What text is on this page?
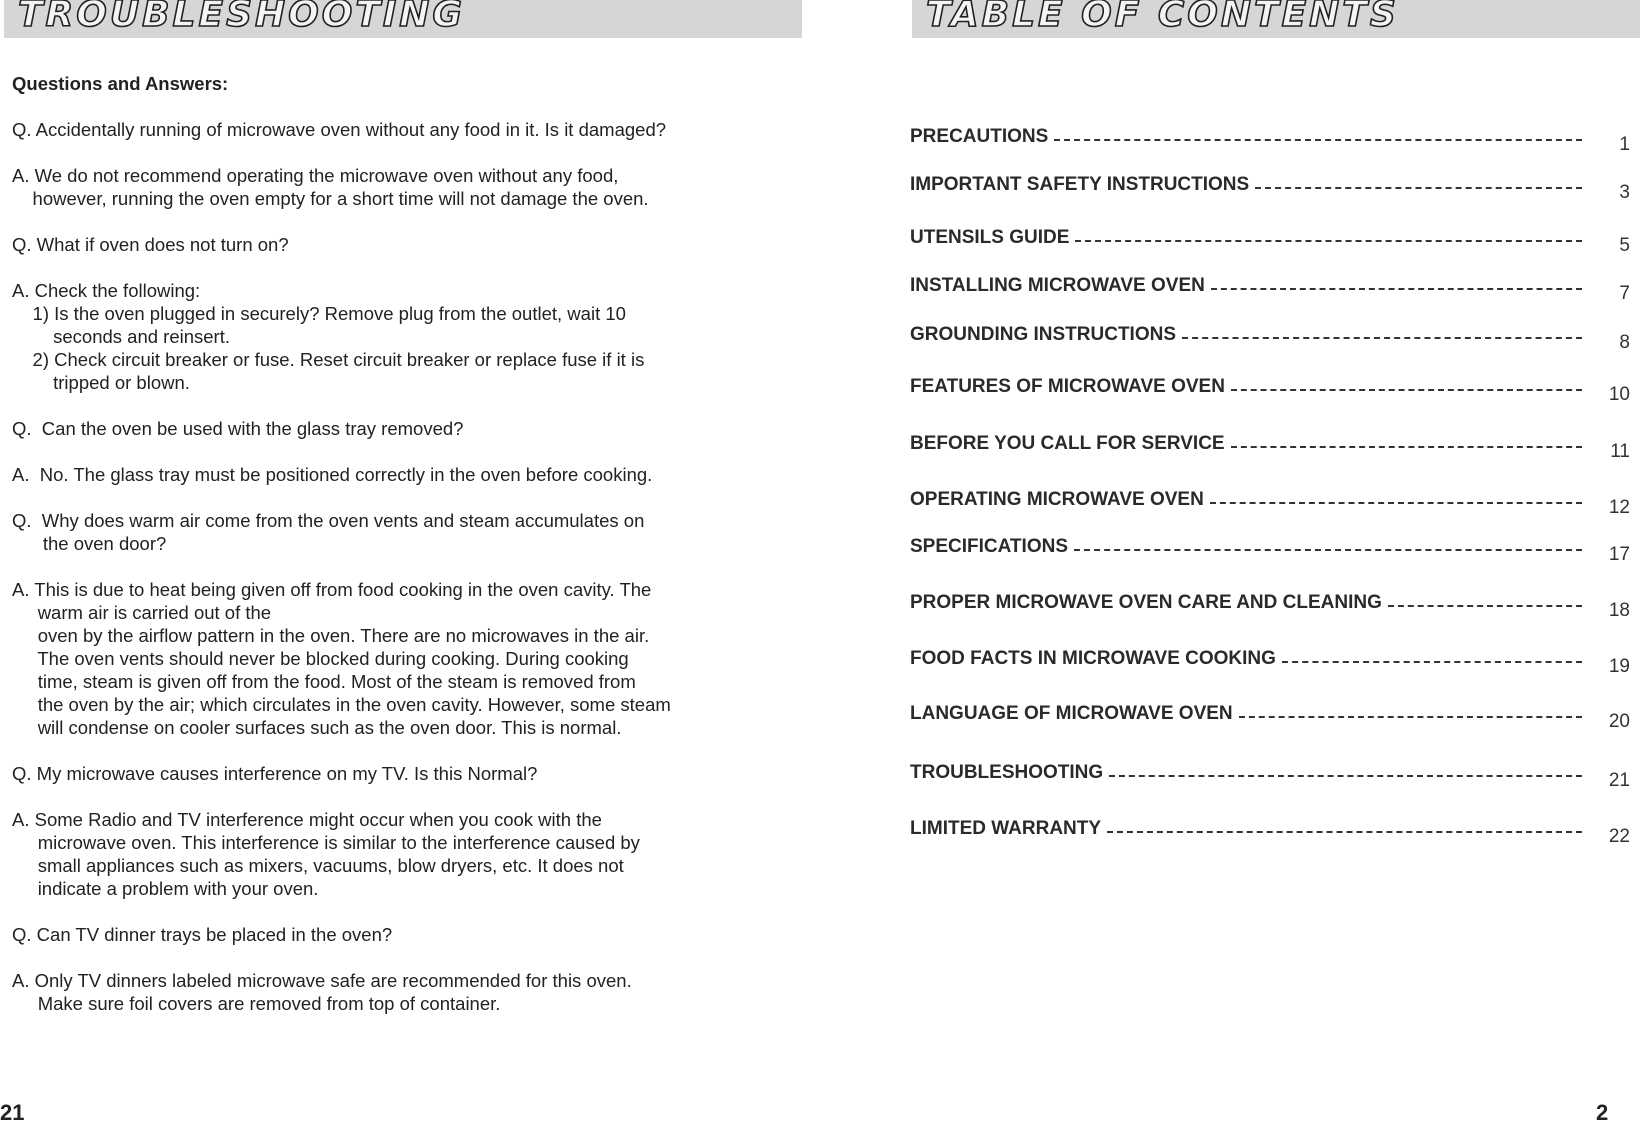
TROUBLESHOOTING
Questions and Answers:
Q. Accidentally running of microwave oven without any food in it. Is it damaged?
A. We do not recommend operating the microwave oven without any food,
however, running the oven empty for a short time will not damage the oven.
Q. What if oven does not turn on?
A. Check the following:
1) Is the oven plugged in securely? Remove plug from the outlet, wait 10
seconds and reinsert.
2) Check circuit breaker or fuse. Reset circuit breaker or replace fuse if it is
tripped or blown.
Q.  Can the oven be used with the glass tray removed?
A.  No. The glass tray must be positioned correctly in the oven before cooking.
Q.  Why does warm air come from the oven vents and steam accumulates on
the oven door?
A. This is due to heat being given off from food cooking in the oven cavity. The
warm air is carried out of the
oven by the airflow pattern in the oven. There are no microwaves in the air.
The oven vents should never be blocked during cooking. During cooking
time, steam is given off from the food. Most of the steam is removed from
the oven by the air; which circulates in the oven cavity. However, some steam
will condense on cooler surfaces such as the oven door. This is normal.
Q. My microwave causes interference on my TV. Is this Normal?
A. Some Radio and TV interference might occur when you cook with the
microwave oven. This interference is similar to the interference caused by
small appliances such as mixers, vacuums, blow dryers, etc. It does not
indicate a problem with your oven.
Q. Can TV dinner trays be placed in the oven?
A. Only TV dinners labeled microwave safe are recommended for this oven.
Make sure foil covers are removed from top of container.
21
TABLE OF CONTENTS
PRECAUTIONS	1
IMPORTANT SAFETY INSTRUCTIONS	3
UTENSILS GUIDE	5
INSTALLING MICROWAVE OVEN	7
GROUNDING INSTRUCTIONS	8
FEATURES OF MICROWAVE OVEN	10
BEFORE YOU CALL FOR SERVICE	11
OPERATING MICROWAVE OVEN	12
SPECIFICATIONS	17
PROPER MICROWAVE OVEN CARE AND CLEANING	18
FOOD FACTS IN MICROWAVE COOKING	19
LANGUAGE OF MICROWAVE OVEN	20
TROUBLESHOOTING	21
LIMITED WARRANTY	22
2
